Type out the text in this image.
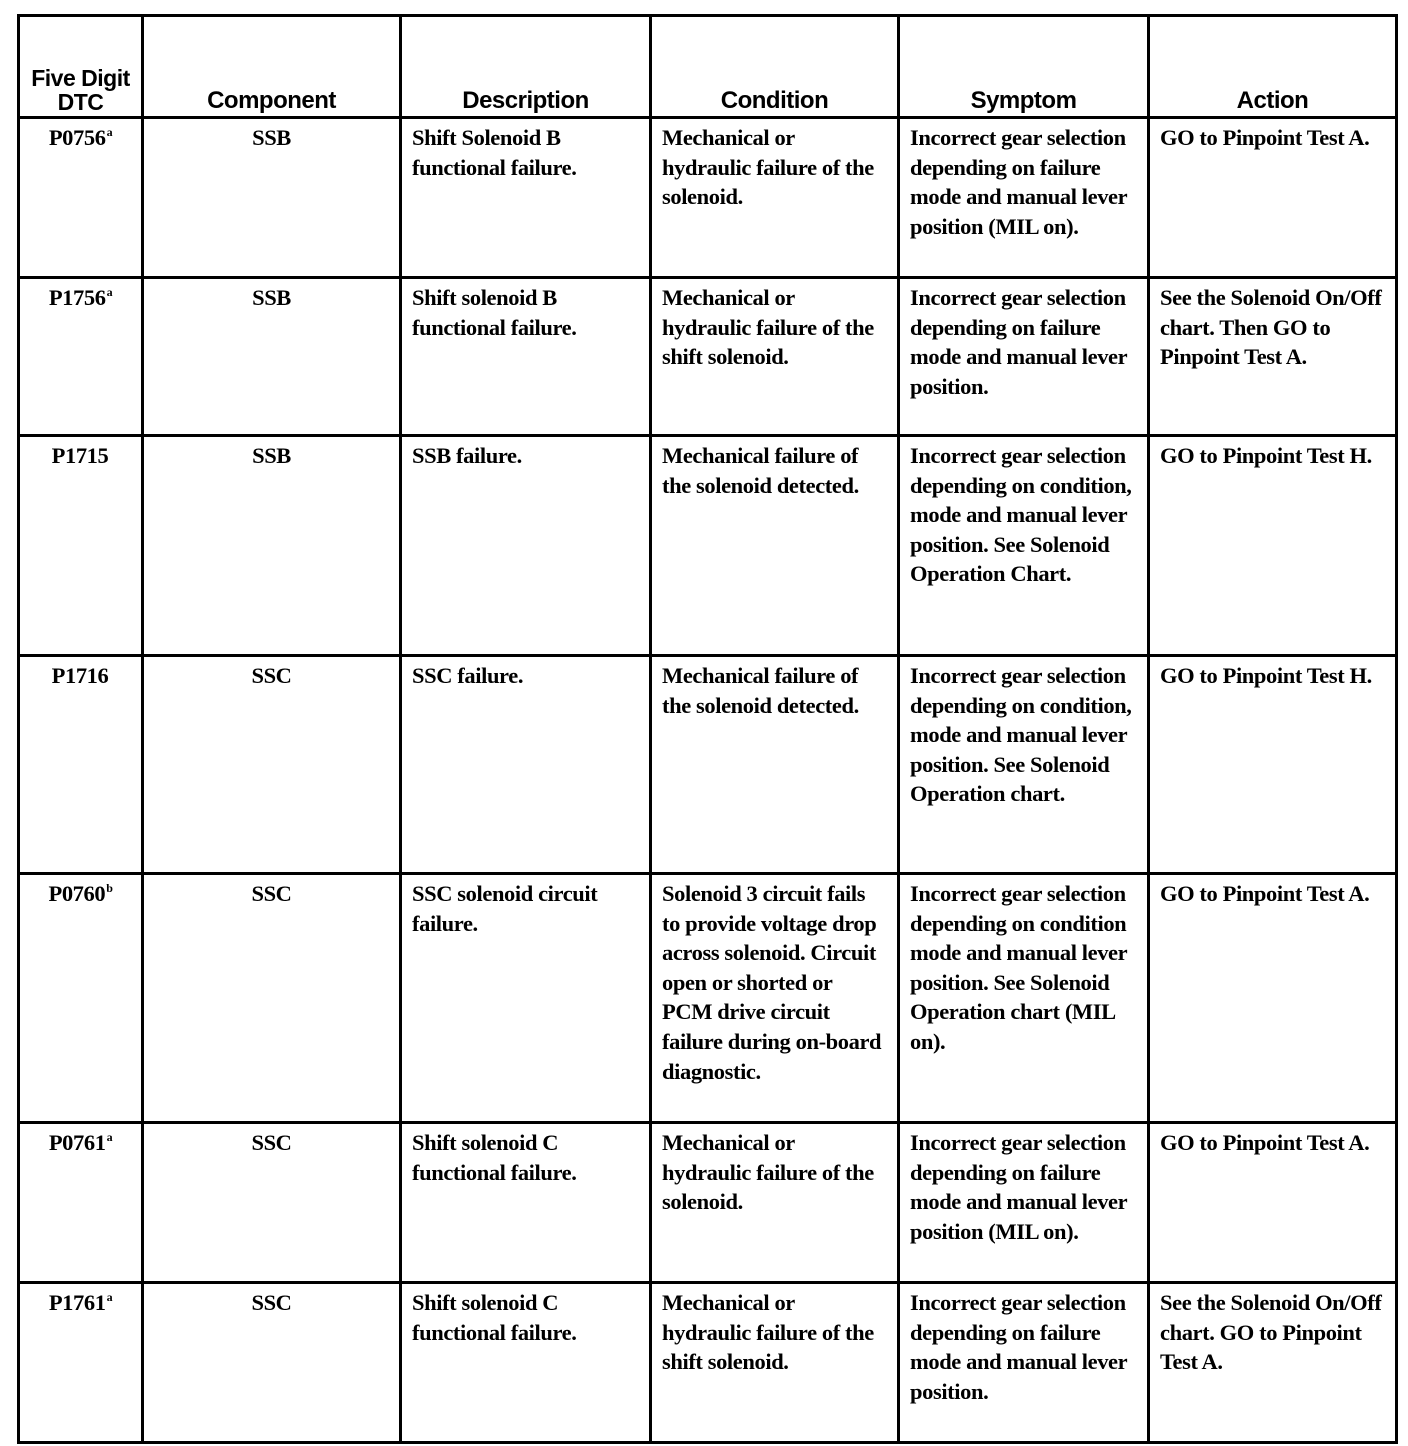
Five Digit DTC	Component	Description	Condition	Symptom	Action
P0756$^a$	SSB	Shift Solenoid B functional failure.	Mechanical or hydraulic failure of the solenoid.	Incorrect gear selection depending on failure mode and manual lever position (MIL on).	GO to Pinpoint Test A.
P1756$^a$	SSB	Shift solenoid B functional failure.	Mechanical or hydraulic failure of the shift solenoid.	Incorrect gear selection depending on failure mode and manual lever position.	See the Solenoid On/Off chart. Then GO to Pinpoint Test A.
P1715	SSB	SSB failure.	Mechanical failure of the solenoid detected.	Incorrect gear selection depending on condition, mode and manual lever position. See Solenoid Operation Chart.	GO to Pinpoint Test H.
P1716	SSC	SSC failure.	Mechanical failure of the solenoid detected.	Incorrect gear selection depending on condition, mode and manual lever position. See Solenoid Operation chart.	GO to Pinpoint Test H.
P0760$^b$	SSC	SSC solenoid circuit failure.	Solenoid 3 circuit fails to provide voltage drop across solenoid. Circuit open or shorted or PCM drive circuit failure during on-board diagnostic.	Incorrect gear selection depending on condition mode and manual lever position. See Solenoid Operation chart (MIL on).	GO to Pinpoint Test A.
P0761$^a$	SSC	Shift solenoid C functional failure.	Mechanical or hydraulic failure of the solenoid.	Incorrect gear selection depending on failure mode and manual lever position (MIL on).	GO to Pinpoint Test A.
P1761$^a$	SSC	Shift solenoid C functional failure.	Mechanical or hydraulic failure of the shift solenoid.	Incorrect gear selection depending on failure mode and manual lever position.	See the Solenoid On/Off chart. GO to Pinpoint Test A.
